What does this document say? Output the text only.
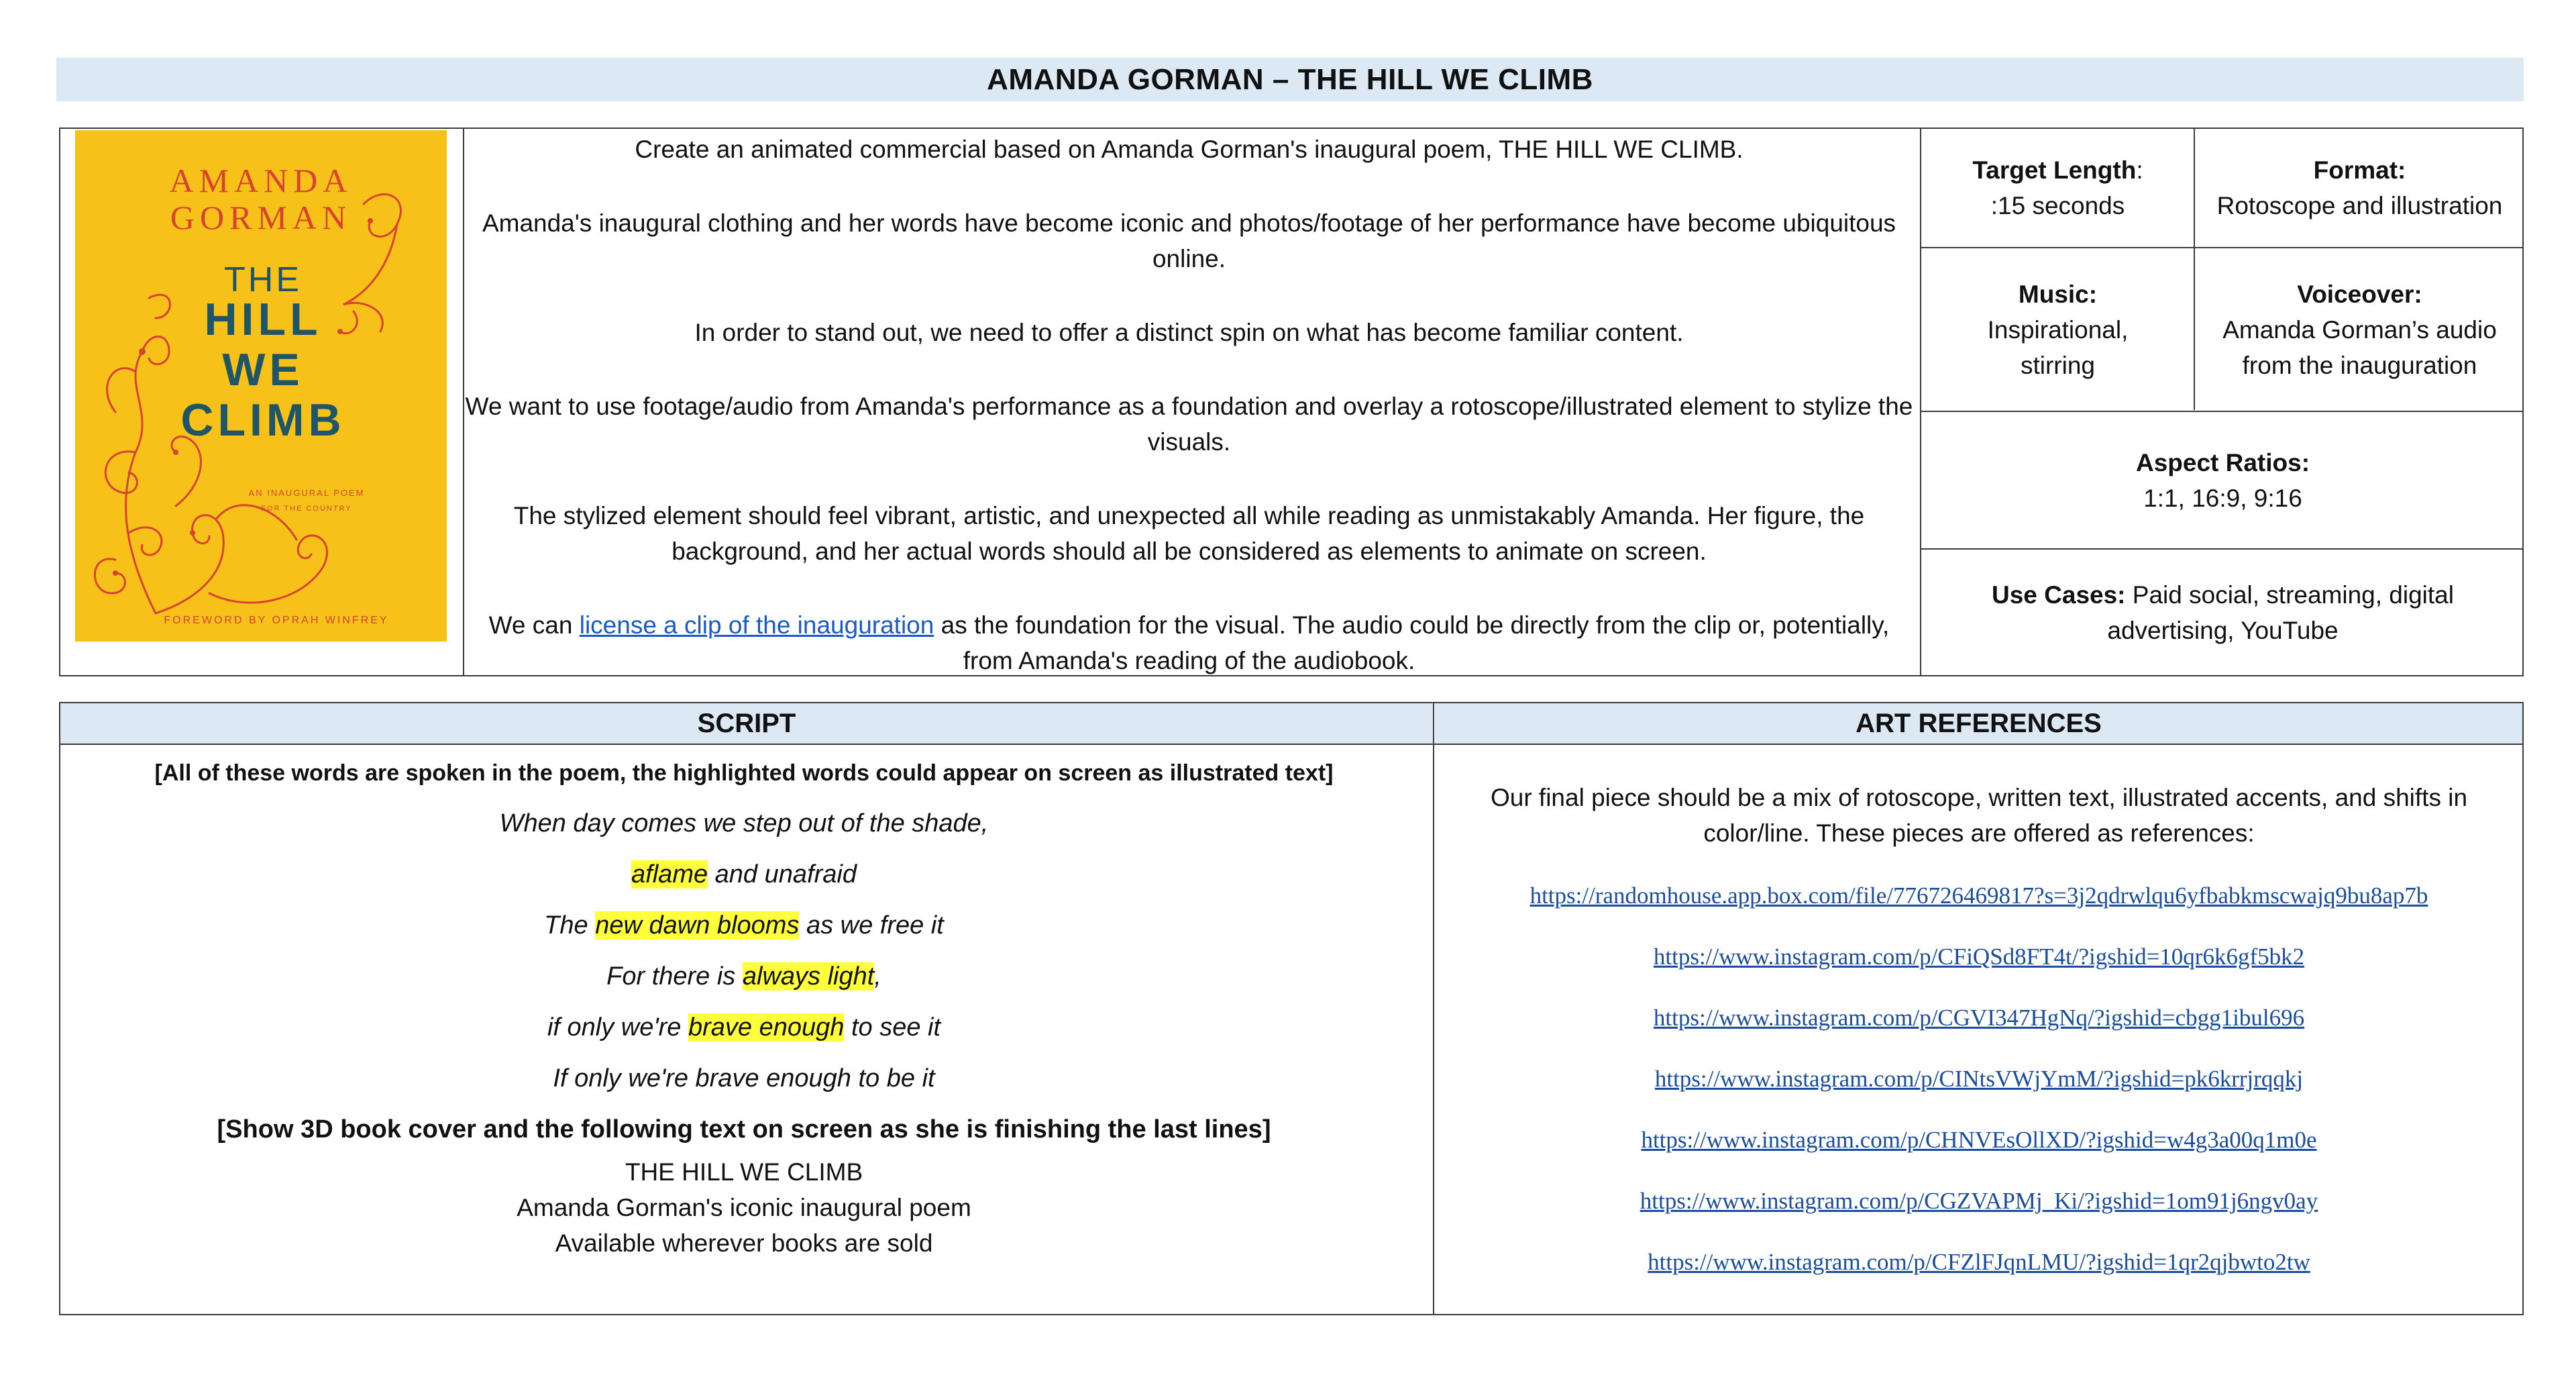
AMANDA GORMAN – THE HILL WE CLIMB
Target Length:
:15 seconds
Format:
Rotoscope and illustration
Music:
Inspirational, stirring
Voiceover:
Amanda Gorman’s audio from the inauguration
Aspect Ratios:
1:1, 16:9, 9:16
Use Cases: Paid social, streaming, digital advertising, YouTube
AMANDA
GORMAN
THE
HILL
WE
CLIMB
AN INAUGURAL POEM
FOR THE COUNTRY
FOREWORD BY OPRAH WINFREY

Create an animated commercial based on Amanda Gorman's inaugural poem, THE HILL WE CLIMB.

Amanda's inaugural clothing and her words have become iconic and photos/footage of her performance have become ubiquitous online.

In order to stand out, we need to offer a distinct spin on what has become familiar content.

We want to use footage/audio from Amanda's performance as a foundation and overlay a rotoscope/illustrated element to stylize the visuals.

The stylized element should feel vibrant, artistic, and unexpected all while reading as unmistakably Amanda. Her figure, the background, and her actual words should all be considered as elements to animate on screen.

We can license a clip of the inauguration as the foundation for the visual. The audio could be directly from the clip or, potentially, from Amanda's reading of the audiobook.

SCRIPT	ART REFERENCES
[All of these words are spoken in the poem, the highlighted words could appear on screen as illustrated text]
When day comes we step out of the shade,
aflame and unafraid
The new dawn blooms as we free it
For there is always light,
if only we're brave enough to see it
If only we're brave enough to be it
[Show 3D book cover and the following text on screen as she is finishing the last lines]
THE HILL WE CLIMB
Amanda Gorman's iconic inaugural poem
Available wherever books are sold
Our final piece should be a mix of rotoscope, written text, illustrated accents, and shifts in color/line. These pieces are offered as references:
https://randomhouse.app.box.com/file/776726469817?s=3j2qdrwlqu6yfbabkmscwajq9bu8ap7b
https://www.instagram.com/p/CFiQSd8FT4t/?igshid=10qr6k6gf5bk2
https://www.instagram.com/p/CGVI347HgNq/?igshid=cbgg1ibul696
https://www.instagram.com/p/CINtsVWjYmM/?igshid=pk6krrjrqqkj
https://www.instagram.com/p/CHNVEsOllXD/?igshid=w4g3a00q1m0e
https://www.instagram.com/p/CGZVAPMj_Ki/?igshid=1om91j6ngv0ay
https://www.instagram.com/p/CFZlFJqnLMU/?igshid=1qr2qjbwto2tw
